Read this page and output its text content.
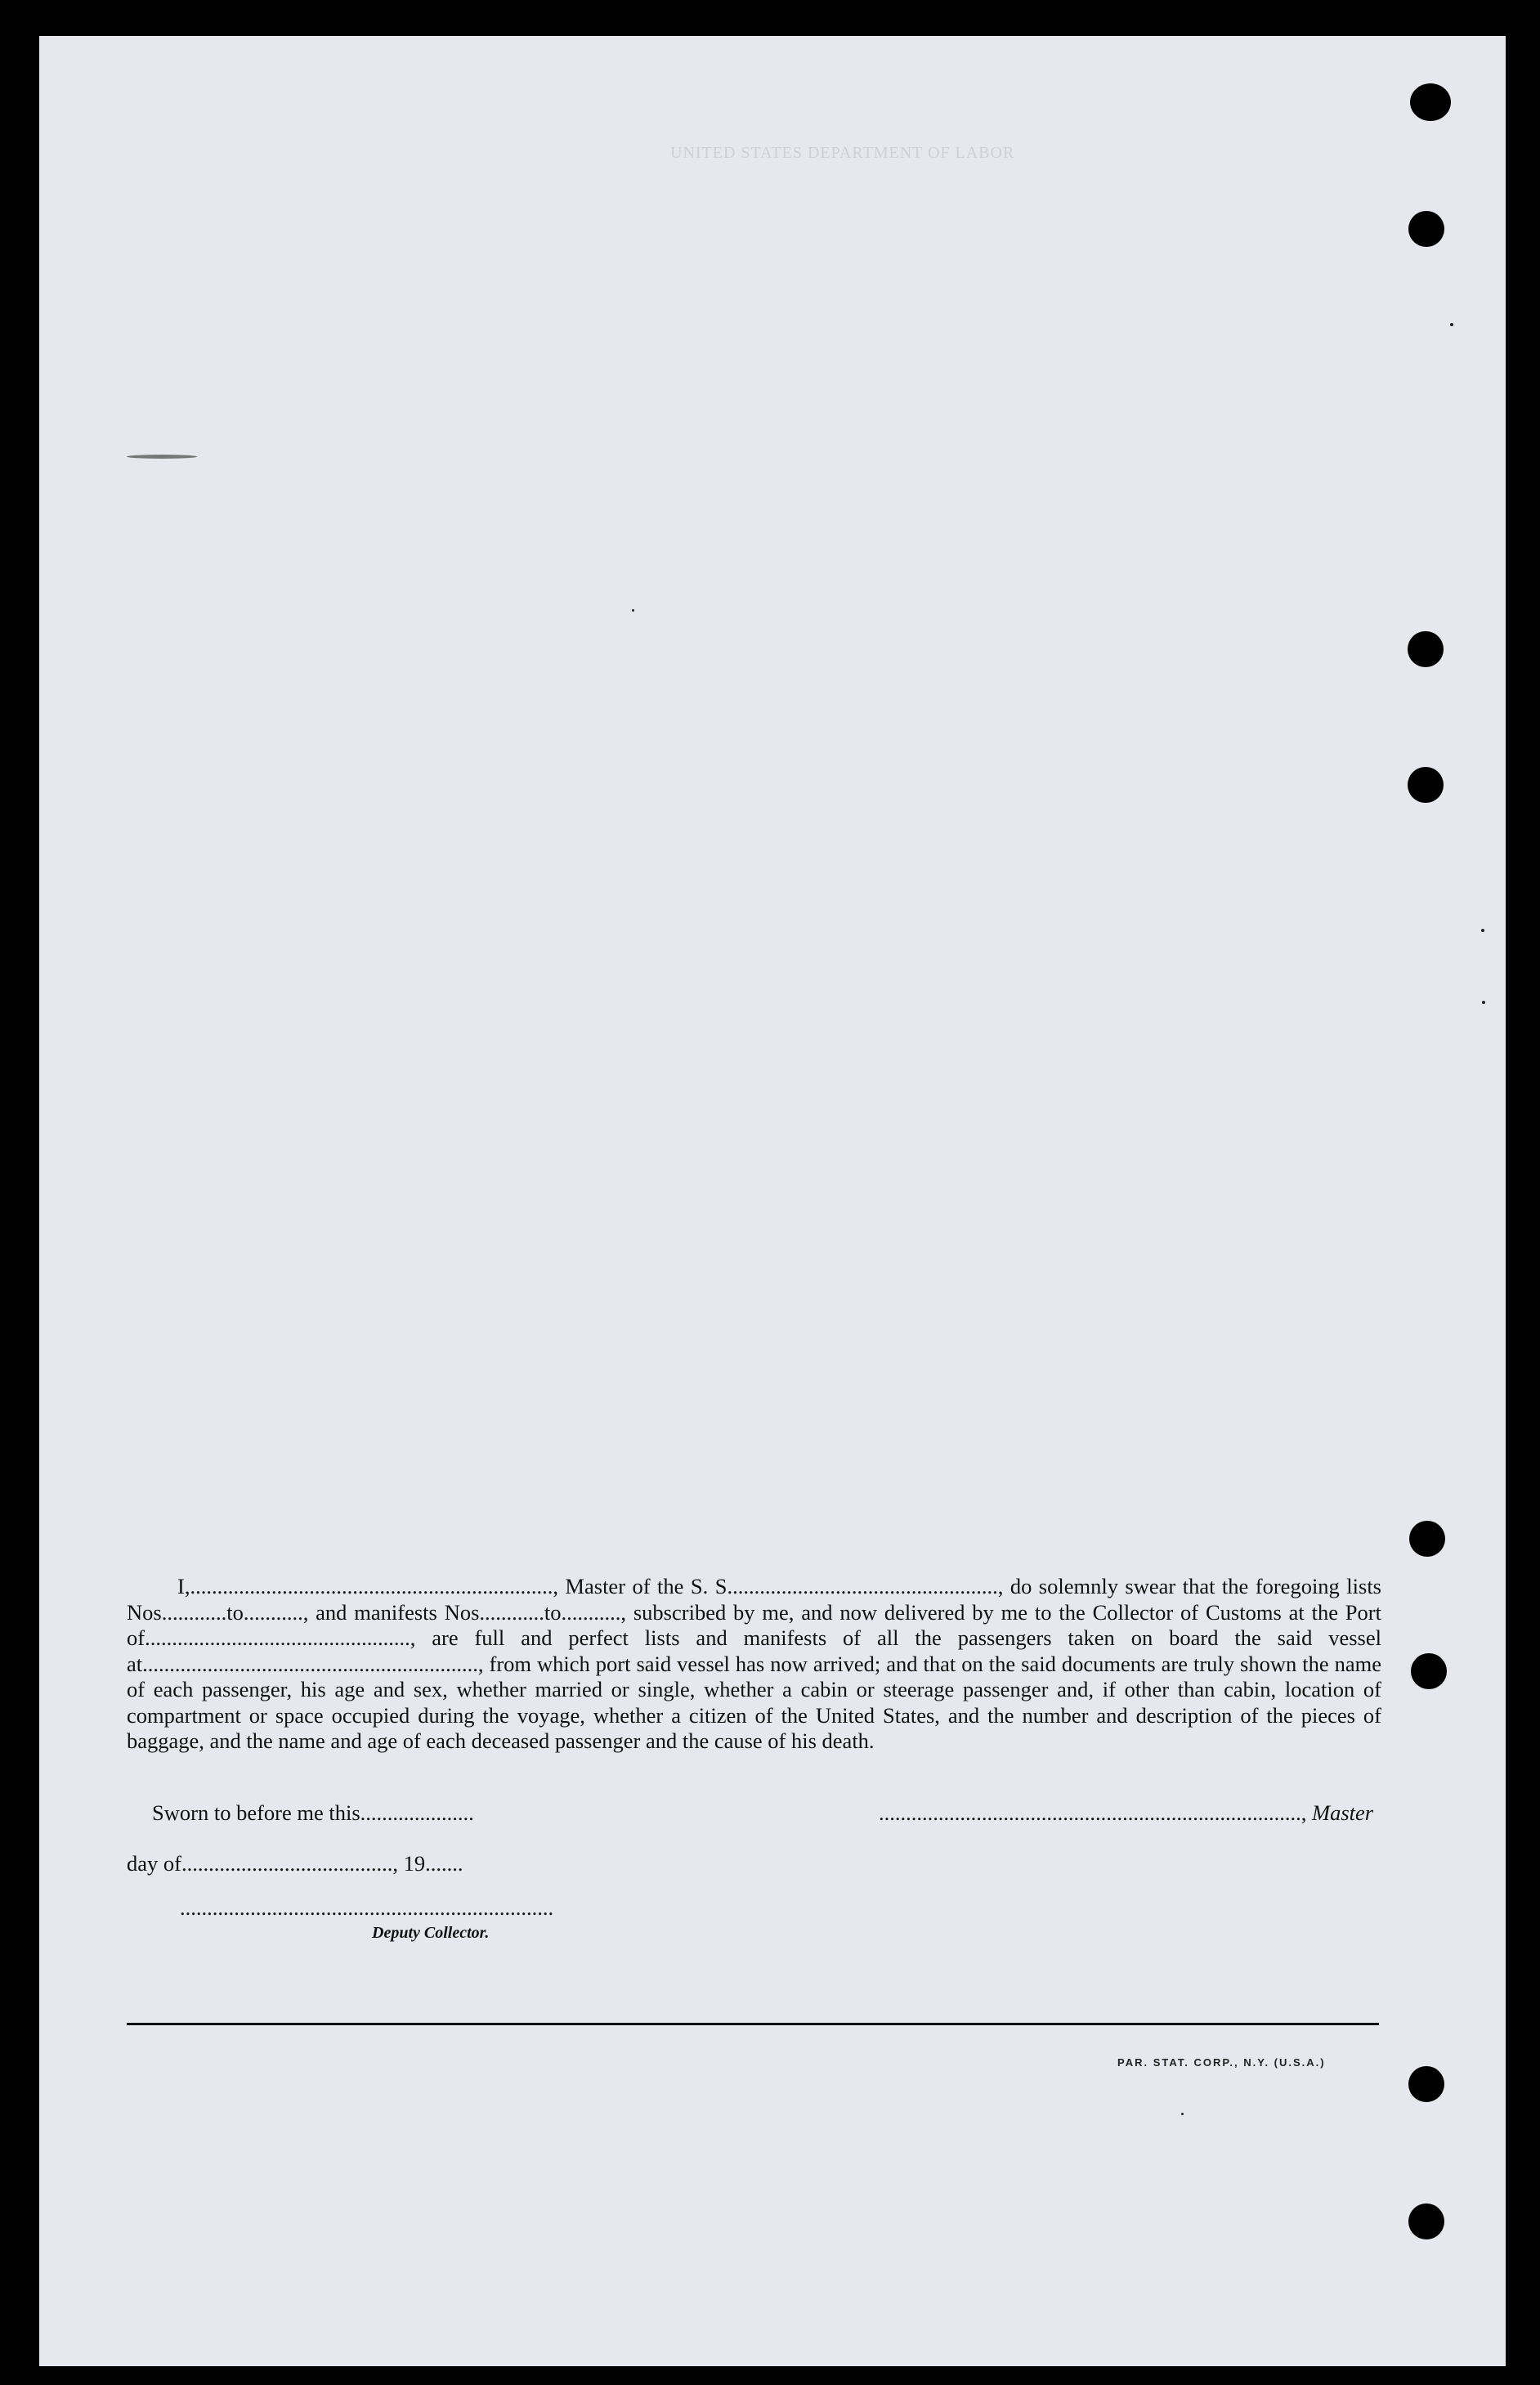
UNITED STATES DEPARTMENT OF LABOR

I,..................................................................., Master of the S. S.................................................., do solemnly swear that the foregoing lists Nos............to..........., and manifests Nos............to..........., subscribed by me, and now delivered by me to the Collector of Customs at the Port of................................................., are full and perfect lists and manifests of all the passengers taken on board the said vessel at.............................................................., from which port said vessel has now arrived; and that on the said documents are truly shown the name of each passenger, his age and sex, whether married or single, whether a cabin or steerage passenger and, if other than cabin, location of compartment or space occupied during the voyage, whether a citizen of the United States, and the number and description of the pieces of baggage, and the name and age of each deceased passenger and the cause of his death.

Sworn to before me this.....................
day of......................................., 19.......
.............................................................................., Master
.....................................................................
Deputy Collector.
PAR. STAT. CORP., N.Y. (U.S.A.)
